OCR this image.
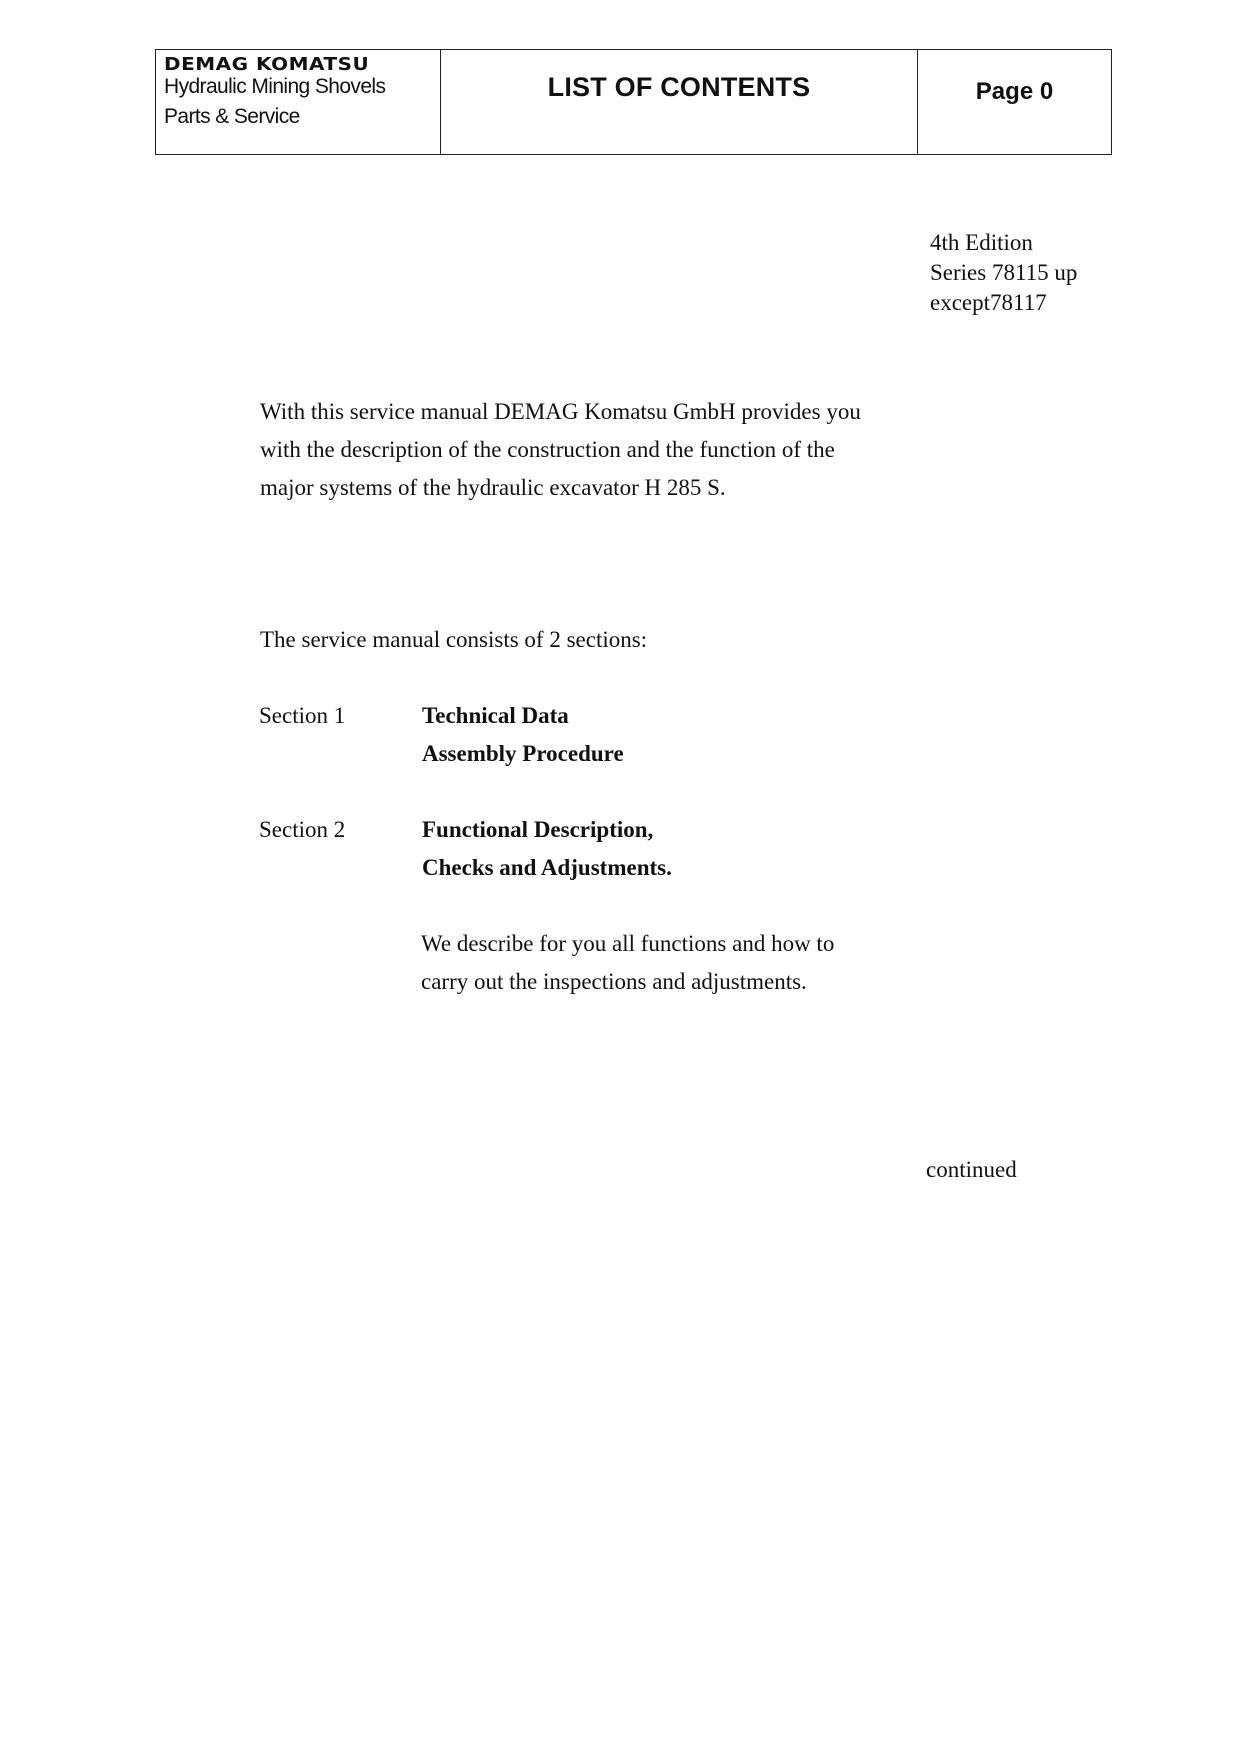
DEMAG KOMATSU
Hydraulic Mining Shovels
Parts & Service
LIST OF CONTENTS	Page 0
4th Edition
Series 78115 up
except78117
With this service manual DEMAG Komatsu GmbH provides you
with the description of the construction and the function of the
major systems of the hydraulic excavator H 285 S.
The service manual consists of 2 sections:
Section 1	Technical Data
Assembly Procedure
Section 2	Functional Description,
Checks and Adjustments.
We describe for you all functions and how to
carry out the inspections and adjustments.
continued
